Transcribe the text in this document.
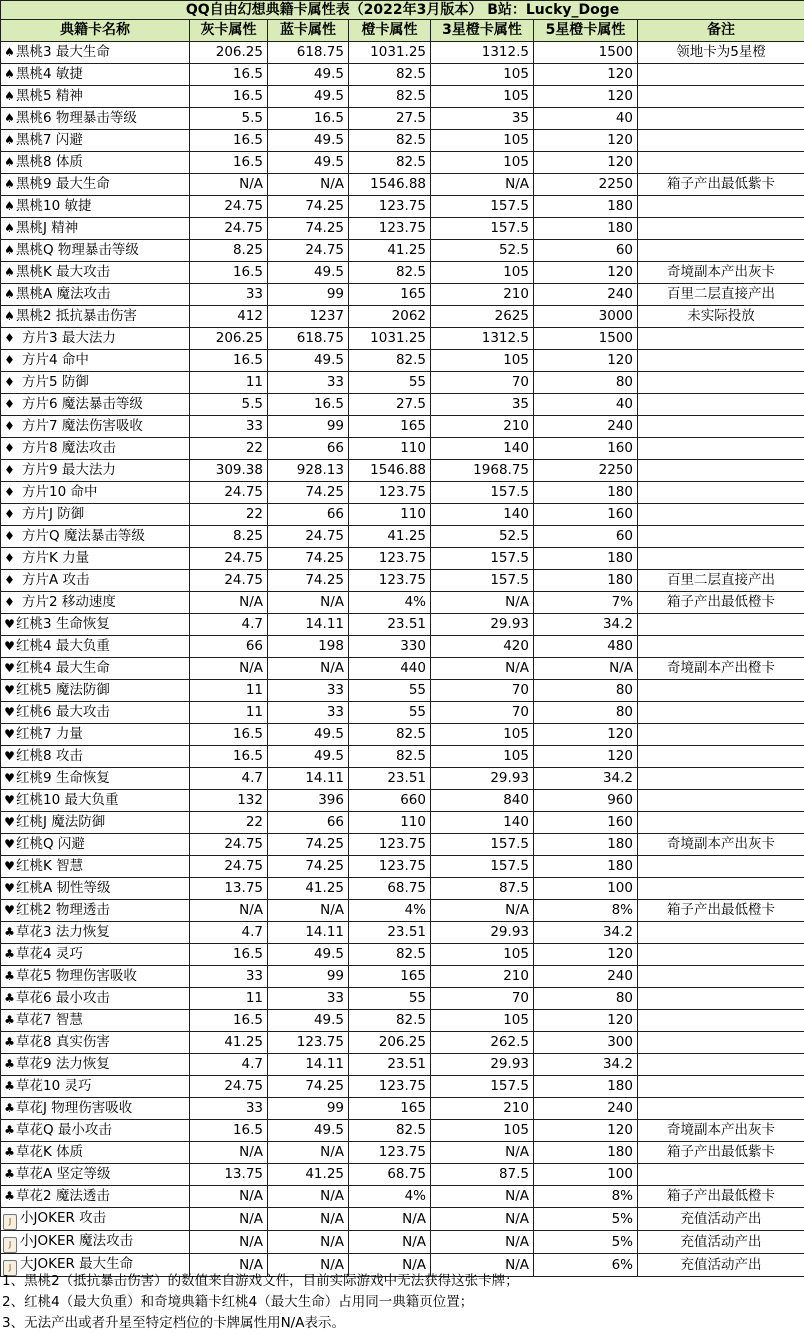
QQ自由幻想典籍卡属性表（2022年3月版本） B站：Lucky_Doge						
典籍卡名称	灰卡属性	蓝卡属性	橙卡属性	3星橙卡属性	5星橙卡属性	备注
♠黑桃3 最大生命	206.25	618.75	1031.25	1312.5	1500	领地卡为5星橙
♠黑桃4 敏捷	16.5	49.5	82.5	105	120	
♠黑桃5 精神	16.5	49.5	82.5	105	120	
♠黑桃6 物理暴击等级	5.5	16.5	27.5	35	40	
♠黑桃7 闪避	16.5	49.5	82.5	105	120	
♠黑桃8 体质	16.5	49.5	82.5	105	120	
♠黑桃9 最大生命	N/A	N/A	1546.88	N/A	2250	箱子产出最低紫卡
♠黑桃10 敏捷	24.75	74.25	123.75	157.5	180	
♠黑桃J 精神	24.75	74.25	123.75	157.5	180	
♠黑桃Q 物理暴击等级	8.25	24.75	41.25	52.5	60	
♠黑桃K 最大攻击	16.5	49.5	82.5	105	120	奇境副本产出灰卡
♠黑桃A 魔法攻击	33	99	165	210	240	百里二层直接产出
♠黑桃2 抵抗暴击伤害	412	1237	2062	2625	3000	未实际投放
♦ 方片3 最大法力	206.25	618.75	1031.25	1312.5	1500	
♦ 方片4 命中	16.5	49.5	82.5	105	120	
♦ 方片5 防御	11	33	55	70	80	
♦ 方片6 魔法暴击等级	5.5	16.5	27.5	35	40	
♦ 方片7 魔法伤害吸收	33	99	165	210	240	
♦ 方片8 魔法攻击	22	66	110	140	160	
♦ 方片9 最大法力	309.38	928.13	1546.88	1968.75	2250	
♦ 方片10 命中	24.75	74.25	123.75	157.5	180	
♦ 方片J 防御	22	66	110	140	160	
♦ 方片Q 魔法暴击等级	8.25	24.75	41.25	52.5	60	
♦ 方片K 力量	24.75	74.25	123.75	157.5	180	
♦ 方片A 攻击	24.75	74.25	123.75	157.5	180	百里二层直接产出
♦ 方片2 移动速度	N/A	N/A	4%	N/A	7%	箱子产出最低橙卡
♥红桃3 生命恢复	4.7	14.11	23.51	29.93	34.2	
♥红桃4 最大负重	66	198	330	420	480	
♥红桃4 最大生命	N/A	N/A	440	N/A	N/A	奇境副本产出橙卡
♥红桃5 魔法防御	11	33	55	70	80	
♥红桃6 最大攻击	11	33	55	70	80	
♥红桃7 力量	16.5	49.5	82.5	105	120	
♥红桃8 攻击	16.5	49.5	82.5	105	120	
♥红桃9 生命恢复	4.7	14.11	23.51	29.93	34.2	
♥红桃10 最大负重	132	396	660	840	960	
♥红桃J 魔法防御	22	66	110	140	160	
♥红桃Q 闪避	24.75	74.25	123.75	157.5	180	奇境副本产出灰卡
♥红桃K 智慧	24.75	74.25	123.75	157.5	180	
♥红桃A 韧性等级	13.75	41.25	68.75	87.5	100	
♥红桃2 物理透击	N/A	N/A	4%	N/A	8%	箱子产出最低橙卡
♣草花3 法力恢复	4.7	14.11	23.51	29.93	34.2	
♣草花4 灵巧	16.5	49.5	82.5	105	120	
♣草花5 物理伤害吸收	33	99	165	210	240	
♣草花6 最小攻击	11	33	55	70	80	
♣草花7 智慧	16.5	49.5	82.5	105	120	
♣草花8 真实伤害	41.25	123.75	206.25	262.5	300	
♣草花9 法力恢复	4.7	14.11	23.51	29.93	34.2	
♣草花10 灵巧	24.75	74.25	123.75	157.5	180	
♣草花J 物理伤害吸收	33	99	165	210	240	
♣草花Q 最小攻击	16.5	49.5	82.5	105	120	奇境副本产出灰卡
♣草花K 体质	N/A	N/A	123.75	N/A	180	箱子产出最低紫卡
♣草花A 坚定等级	13.75	41.25	68.75	87.5	100	
♣草花2 魔法透击	N/A	N/A	4%	N/A	8%	箱子产出最低橙卡
J 小JOKER 攻击	N/A	N/A	N/A	N/A	5%	充值活动产出
J 小JOKER 魔法攻击	N/A	N/A	N/A	N/A	5%	充值活动产出
J 大JOKER 最大生命	N/A	N/A	N/A	N/A	6%	充值活动产出
1、黑桃2（抵抗暴击伤害）的数值来自游戏文件，目前实际游戏中无法获得这张卡牌；
2、红桃4（最大负重）和奇境典籍卡红桃4（最大生命）占用同一典籍页位置；
3、无法产出或者升星至特定档位的卡牌属性用N/A表示。
